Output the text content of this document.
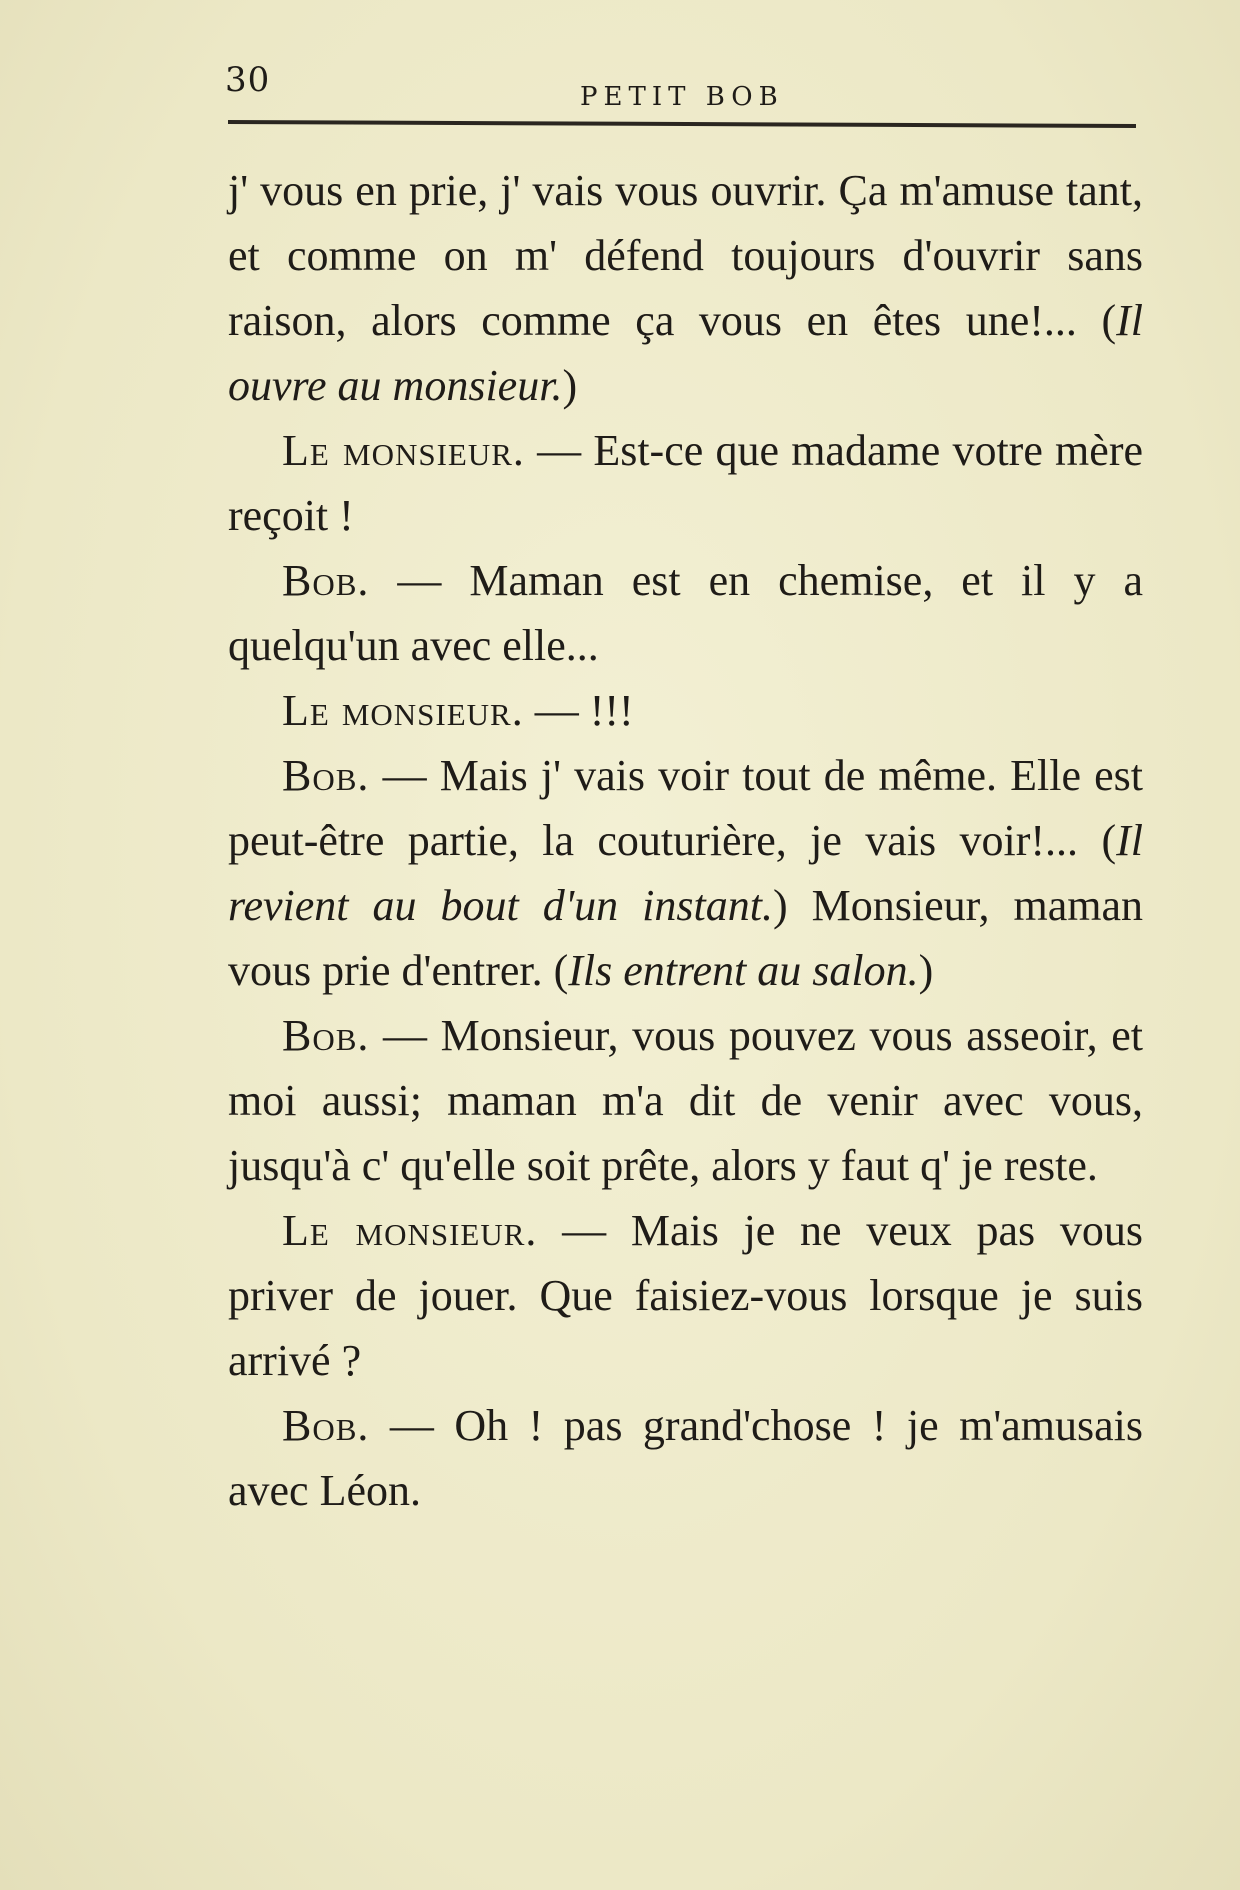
30	PETIT BOB

j' vous en prie, j' vais vous ouvrir. Ça m'amuse tant, et comme on m' défend toujours d'ouvrir sans raison, alors comme ça vous en êtes une!... (Il ouvre au monsieur.)

Le monsieur. — Est-ce que madame votre mère reçoit !

Bob. — Maman est en chemise, et il y a quelqu'un avec elle...

Le monsieur. — !!!

Bob. — Mais j' vais voir tout de même. Elle est peut-être partie, la couturière, je vais voir!... (Il revient au bout d'un instant.) Monsieur, maman vous prie d'entrer. (Ils entrent au salon.)

Bob. — Monsieur, vous pouvez vous asseoir, et moi aussi; maman m'a dit de venir avec vous, jusqu'à c' qu'elle soit prête, alors y faut q' je reste.

Le monsieur. — Mais je ne veux pas vous priver de jouer. Que faisiez-vous lorsque je suis arrivé ?

Bob. — Oh ! pas grand'chose ! je m'amusais avec Léon.
